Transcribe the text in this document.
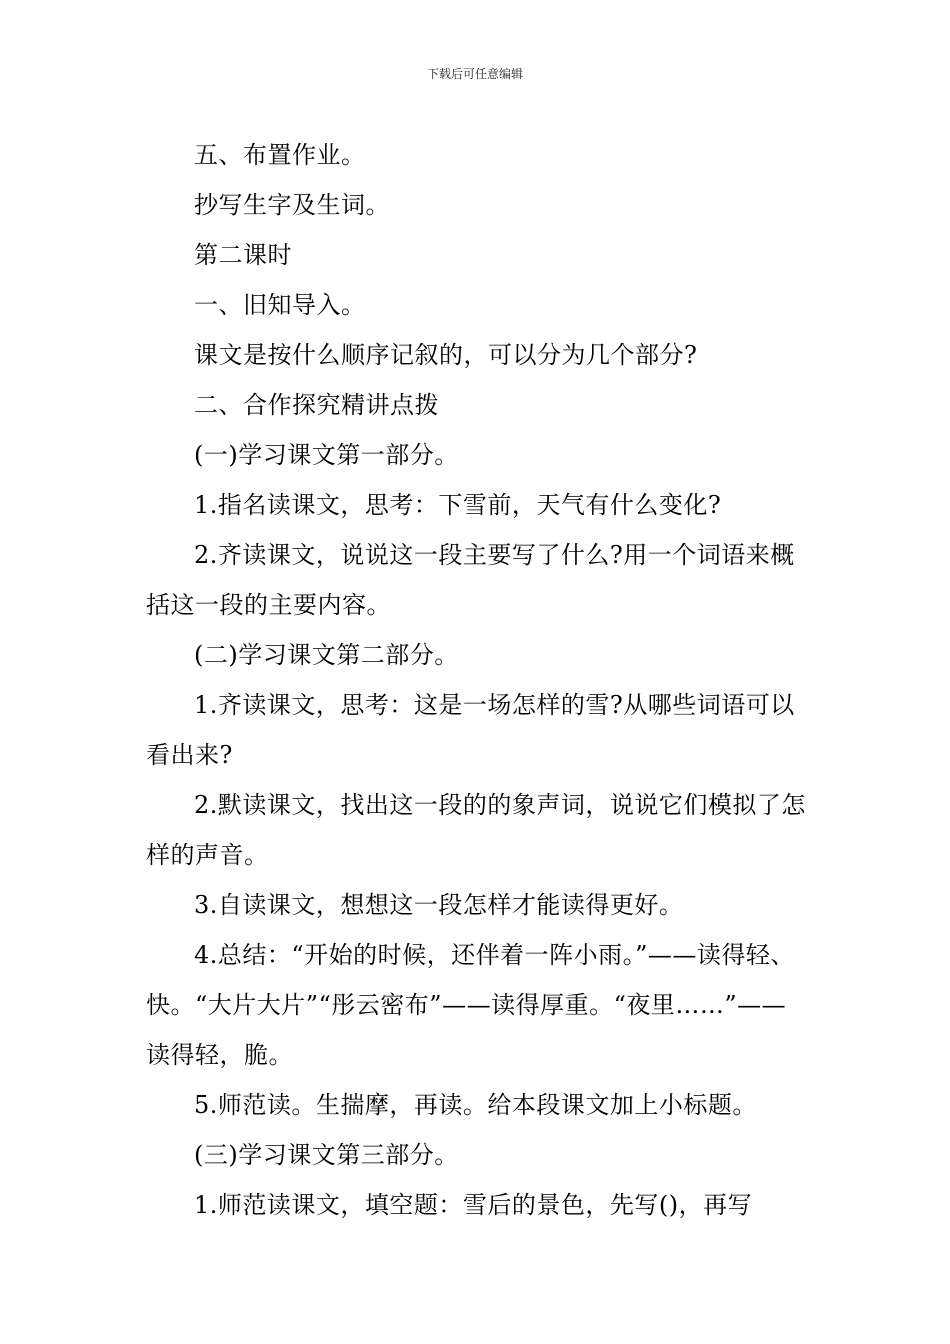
下载后可任意编辑

五、布置作业。

抄写生字及生词。

第二课时

一、旧知导入。

课文是按什么顺序记叙的，可以分为几个部分?

二、合作探究精讲点拨

(一)学习课文第一部分。

1.指名读课文，思考：下雪前，天气有什么变化?

2.齐读课文，说说这一段主要写了什么?用一个词语来概括这一段的主要内容。

(二)学习课文第二部分。

1.齐读课文，思考：这是一场怎样的雪?从哪些词语可以看出来?

2.默读课文，找出这一段的的象声词，说说它们模拟了怎样的声音。

3.自读课文，想想这一段怎样才能读得更好。

4.总结：“开始的时候，还伴着一阵小雨。”——读得轻、快。“大片大片”“彤云密布”——读得厚重。“夜里……”——读得轻，脆。

5.师范读。生揣摩，再读。给本段课文加上小标题。

(三)学习课文第三部分。

1.师范读课文，填空题：雪后的景色，先写()，再写
